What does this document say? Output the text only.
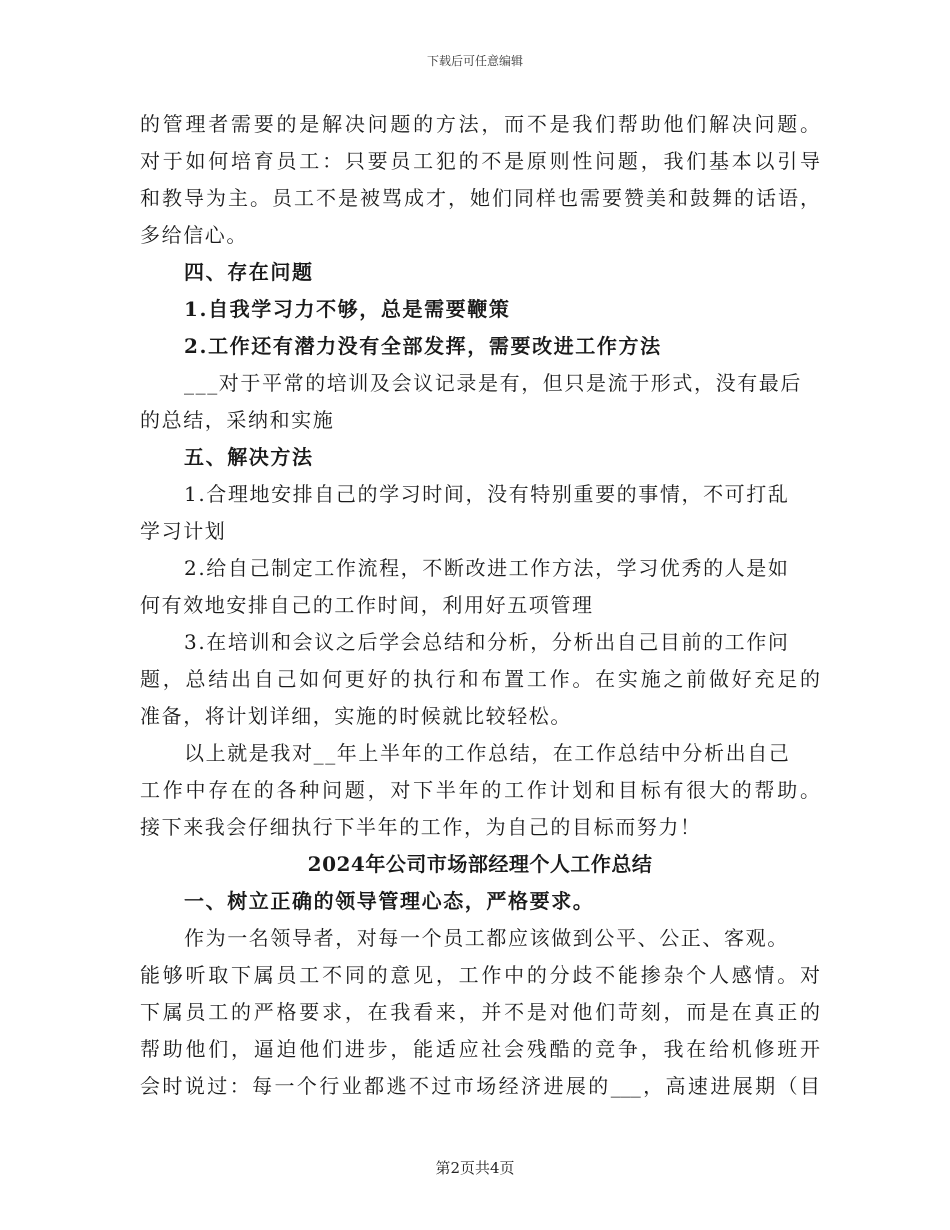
下载后可任意编辑
的管理者需要的是解决问题的方法，而不是我们帮助他们解决问题。
对于如何培育员工：只要员工犯的不是原则性问题，我们基本以引导
和教导为主。员工不是被骂成才，她们同样也需要赞美和鼓舞的话语，
多给信心。
四、存在问题
1.自我学习力不够，总是需要鞭策
2.工作还有潜力没有全部发挥，需要改进工作方法
___对于平常的培训及会议记录是有，但只是流于形式，没有最后
的总结，采纳和实施
五、解决方法
1.合理地安排自己的学习时间，没有特别重要的事情，不可打乱
学习计划
2.给自己制定工作流程，不断改进工作方法，学习优秀的人是如
何有效地安排自己的工作时间，利用好五项管理
3.在培训和会议之后学会总结和分析，分析出自己目前的工作问
题，总结出自己如何更好的执行和布置工作。在实施之前做好充足的
准备，将计划详细，实施的时候就比较轻松。
以上就是我对__年上半年的工作总结，在工作总结中分析出自己
工作中存在的各种问题，对下半年的工作计划和目标有很大的帮助。
接下来我会仔细执行下半年的工作，为自己的目标而努力！
2024年公司市场部经理个人工作总结
一、树立正确的领导管理心态，严格要求。
作为一名领导者，对每一个员工都应该做到公平、公正、客观。
能够听取下属员工不同的意见，工作中的分歧不能掺杂个人感情。对
下属员工的严格要求，在我看来，并不是对他们苛刻，而是在真正的
帮助他们，逼迫他们进步，能适应社会残酷的竞争，我在给机修班开
会时说过：每一个行业都逃不过市场经济进展的___，高速进展期（目
第2页共4页
